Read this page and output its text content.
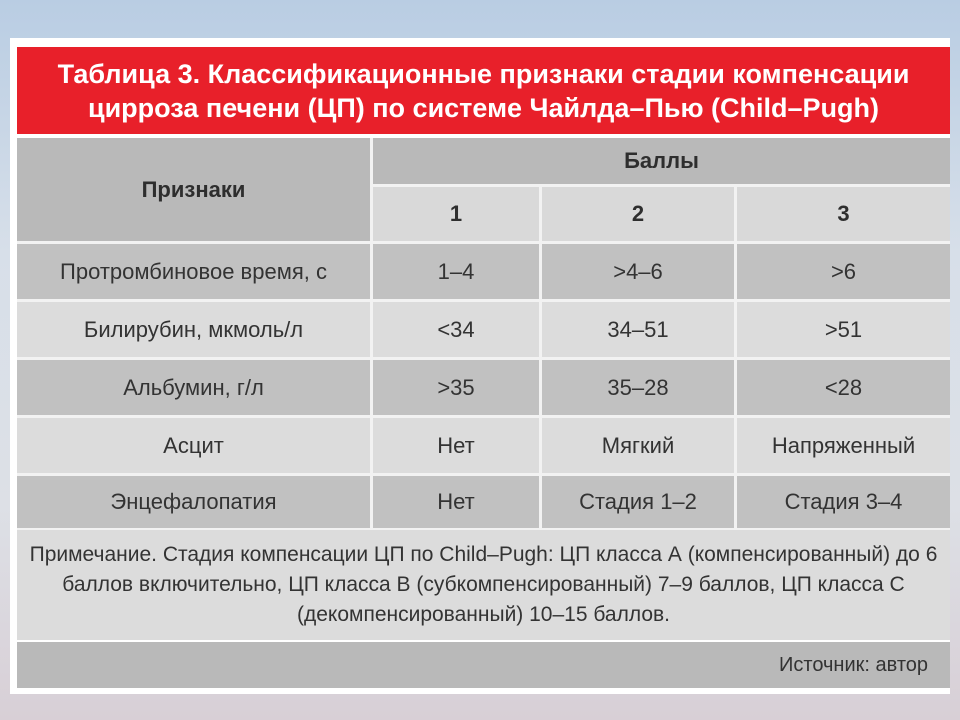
Таблица 3. Классификационные признаки стадии компенсации цирроза печени (ЦП) по системе Чайлда–Пью (Child–Pugh)
Признаки	Баллы		
	1	2	3
Протромбиновое время, с	1–4	>4–6	>6
Билирубин, мкмоль/л	<34	34–51	>51
Альбумин, г/л	>35	35–28	<28
Асцит	Нет	Мягкий	Напряженный
Энцефалопатия	Нет	Стадия 1–2	Стадия 3–4
Примечание. Стадия компенсации ЦП по Child–Pugh: ЦП класса А (компенсированный) до 6 баллов включительно, ЦП класса В (субкомпенсированный) 7–9 баллов, ЦП класса С (декомпенсированный) 10–15 баллов.
Источник: автор
